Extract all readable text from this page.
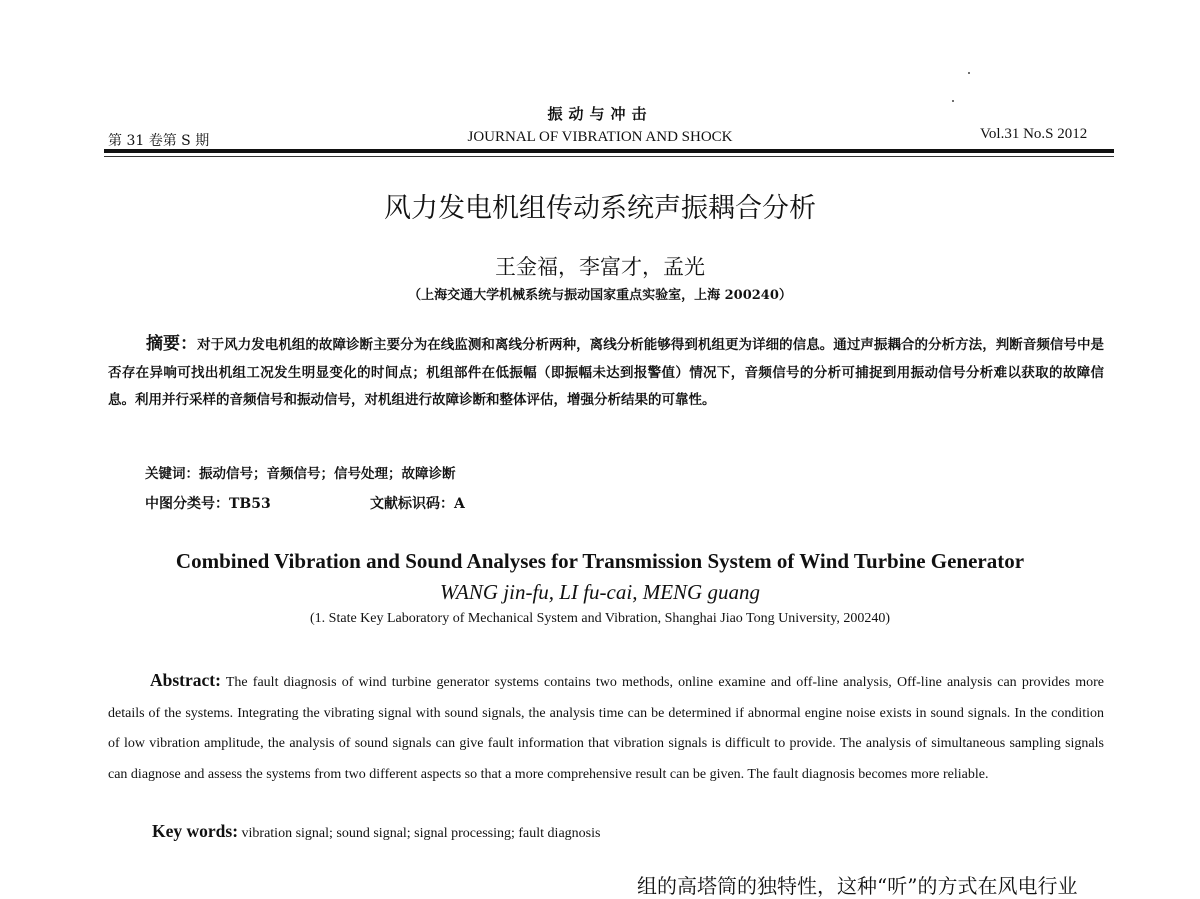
振动与冲击
第 31 卷第 S 期	JOURNAL OF VIBRATION AND SHOCK	Vol.31 No.S 2012
风力发电机组传动系统声振耦合分析
王金福，李富才，孟光
（上海交通大学机械系统与振动国家重点实验室，上海 200240）
摘要：对于风力发电机组的故障诊断主要分为在线监测和离线分析两种，离线分析能够得到机组更为详细的信息。通过声振耦合的分析方法，判断音频信号中是否存在异响可找出机组工况发生明显变化的时间点；机组部件在低振幅（即振幅未达到报警值）情况下，音频信号的分析可捕捉到用振动信号分析难以获取的故障信息。利用并行采样的音频信号和振动信号，对机组进行故障诊断和整体评估，增强分析结果的可靠性。
关键词：振动信号；音频信号；信号处理；故障诊断
中图分类号：TB53	文献标识码：A
Combined Vibration and Sound Analyses for Transmission System of Wind Turbine Generator
WANG jin-fu, LI fu-cai, MENG guang
(1. State Key Laboratory of Mechanical System and Vibration, Shanghai Jiao Tong University, 200240)
Abstract: The fault diagnosis of wind turbine generator systems contains two methods, online examine and off-line analysis, Off-line analysis can provides more details of the systems. Integrating the vibrating signal with sound signals, the analysis time can be determined if abnormal engine noise exists in sound signals. In the condition of low vibration amplitude, the analysis of sound signals can give fault information that vibration signals is difficult to provide. The analysis of simultaneous sampling signals can diagnose and assess the systems from two different aspects so that a more comprehensive result can be given. The fault diagnosis becomes more reliable.
Key words: vibration signal; sound signal; signal processing; fault diagnosis
组的高塔筒的独特性，这种“听”的方式在风电行业
